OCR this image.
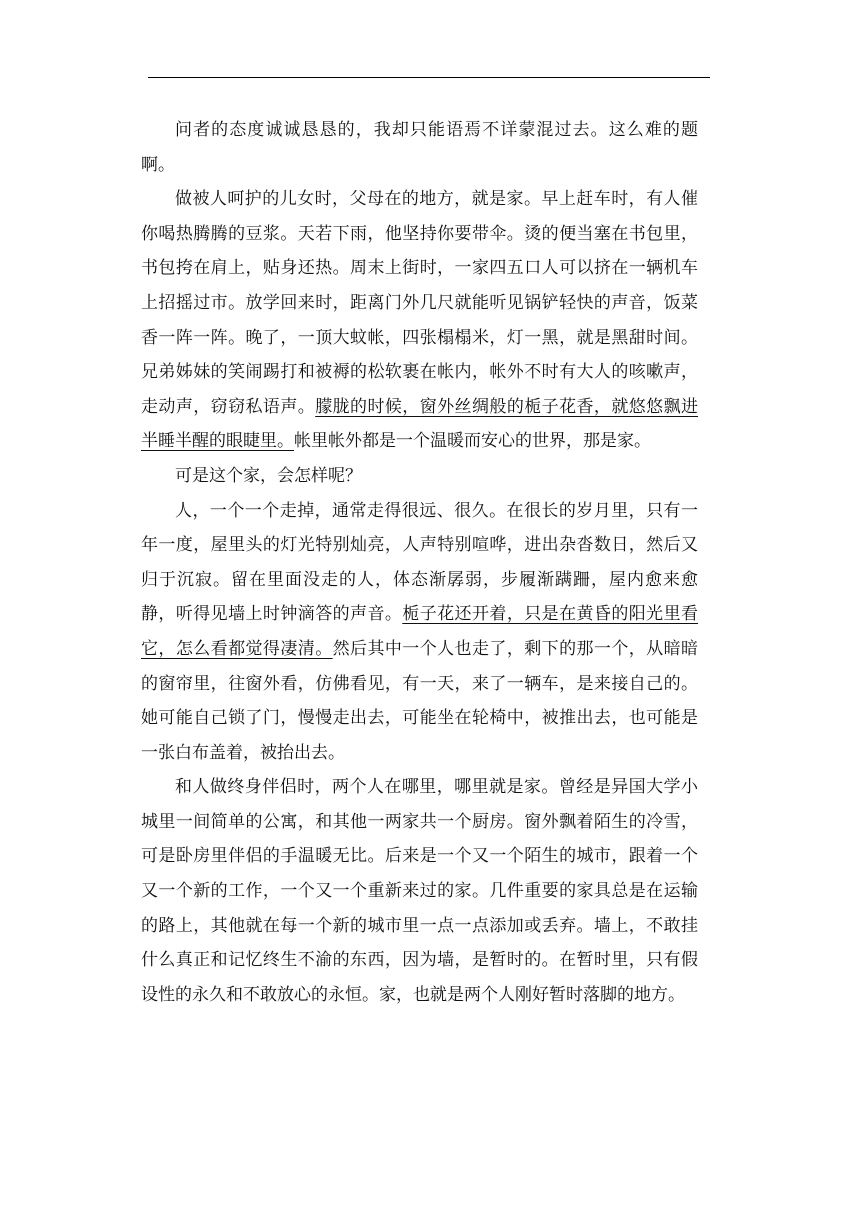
问者的态度诚诚恳恳的，我却只能语焉不详蒙混过去。这么难的题啊。

做被人呵护的儿女时，父母在的地方，就是家。早上赶车时，有人催你喝热腾腾的豆浆。天若下雨，他坚持你要带伞。烫的便当塞在书包里，书包挎在肩上，贴身还热。周末上街时，一家四五口人可以挤在一辆机车上招摇过市。放学回来时，距离门外几尺就能听见锅铲轻快的声音，饭菜香一阵一阵。晚了，一顶大蚊帐，四张榻榻米，灯一黑，就是黑甜时间。兄弟姊妹的笑闹踢打和被褥的松软裹在帐内，帐外不时有大人的咳嗽声，走动声，窃窃私语声。朦胧的时候，窗外丝绸般的栀子花香，就悠悠飘进半睡半醒的眼睫里。帐里帐外都是一个温暖而安心的世界，那是家。

可是这个家，会怎样呢？

人，一个一个走掉，通常走得很远、很久。在很长的岁月里，只有一年一度，屋里头的灯光特别灿亮，人声特别喧哗，进出杂沓数日，然后又归于沉寂。留在里面没走的人，体态渐孱弱，步履渐蹒跚，屋内愈来愈静，听得见墙上时钟滴答的声音。栀子花还开着，只是在黄昏的阳光里看它，怎么看都觉得凄清。然后其中一个人也走了，剩下的那一个，从暗暗的窗帘里，往窗外看，仿佛看见，有一天，来了一辆车，是来接自己的。她可能自己锁了门，慢慢走出去，可能坐在轮椅中，被推出去，也可能是一张白布盖着，被抬出去。

和人做终身伴侣时，两个人在哪里，哪里就是家。曾经是异国大学小城里一间简单的公寓，和其他一两家共一个厨房。窗外飘着陌生的冷雪，可是卧房里伴侣的手温暖无比。后来是一个又一个陌生的城市，跟着一个又一个新的工作，一个又一个重新来过的家。几件重要的家具总是在运输的路上，其他就在每一个新的城市里一点一点添加或丢弃。墙上，不敢挂什么真正和记忆终生不渝的东西，因为墙，是暂时的。在暂时里，只有假设性的永久和不敢放心的永恒。家，也就是两个人刚好暂时落脚的地方。
